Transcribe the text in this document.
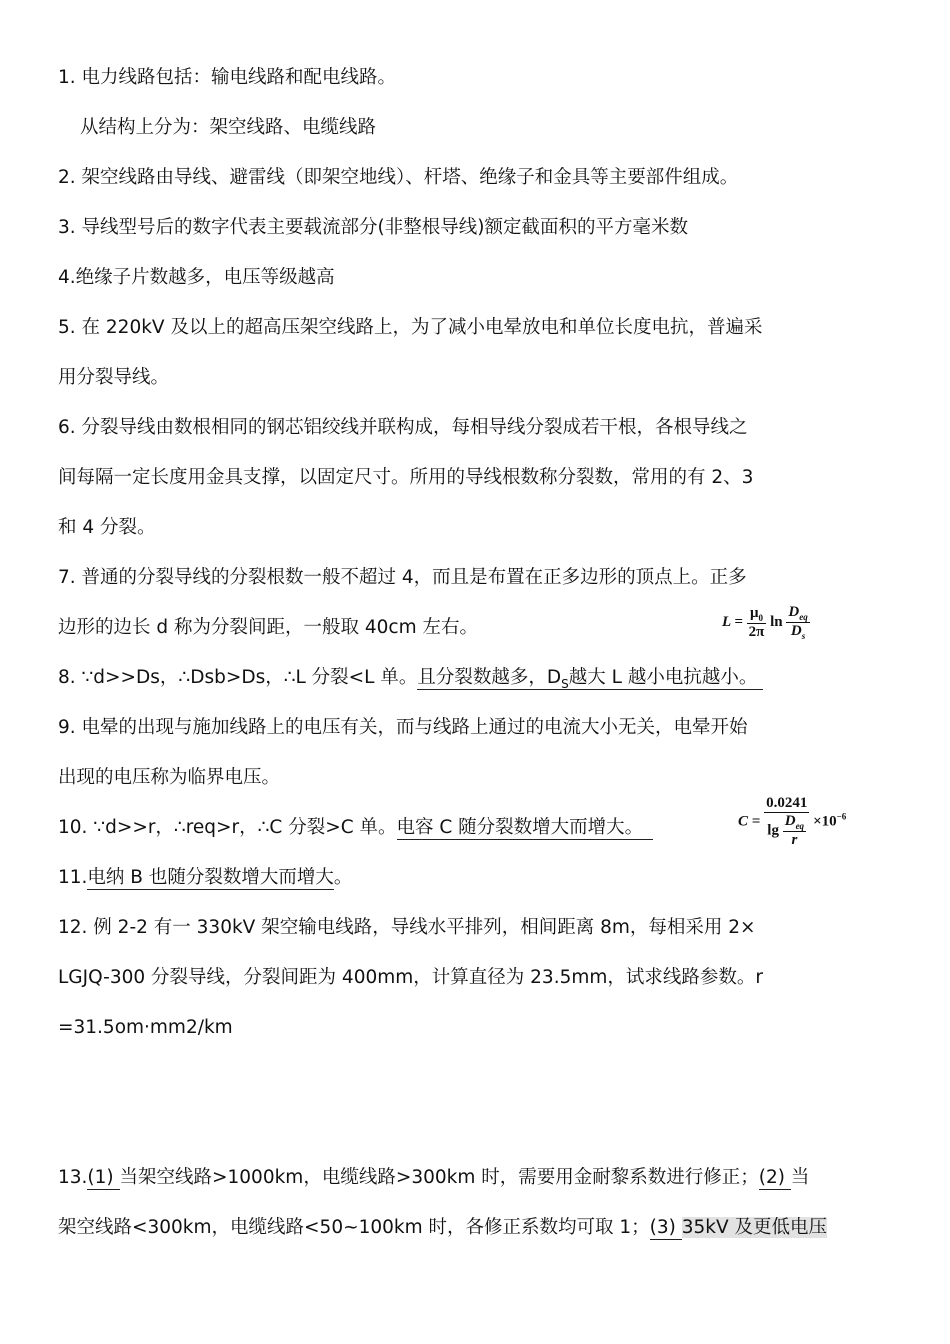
1. 电力线路包括：输电线路和配电线路。
从结构上分为：架空线路、电缆线路
2. 架空线路由导线、避雷线（即架空地线）、杆塔、绝缘子和金具等主要部件组成。
3. 导线型号后的数字代表主要载流部分(非整根导线)额定截面积的平方毫米数
4.绝缘子片数越多，电压等级越高
5. 在 220kV 及以上的超高压架空线路上，为了减小电晕放电和单位长度电抗，普遍采
用分裂导线。
6. 分裂导线由数根相同的钢芯铝绞线并联构成，每相导线分裂成若干根，各根导线之
间每隔一定长度用金具支撑，以固定尺寸。所用的导线根数称分裂数，常用的有 2、3
和 4 分裂。
7. 普通的分裂导线的分裂根数一般不超过 4，而且是布置在正多边形的顶点上。正多
边形的边长 d 称为分裂间距，一般取 40cm 左右。	$L = \frac{\mu_0}{2\pi}$ $\ln \frac{D_{eq}}{D_s}$
8. ∵d>>Ds，∴Dsb>Ds，∴L 分裂<L 单。且分裂数越多，$D_S$越大 L 越小电抗越小。
9. 电晕的出现与施加线路上的电压有关，而与线路上通过的电流大小无关，电晕开始
出现的电压称为临界电压。
10. ∵d>>r，∴req>r，∴C 分裂>C 单。电容 C 随分裂数增大而增大。	$C = \frac{0.0241}{\lg \frac{D_{eq}}{r}} \times 10^{-6}$
11.电纳 B 也随分裂数增大而增大。
12. 例 2-2 有一 330kV 架空输电线路，导线水平排列，相间距离 8m，每相采用 2×
LGJQ-300 分裂导线，分裂间距为 400mm，计算直径为 23.5mm，试求线路参数。r
=31.5om·mm2/km
13.(1) 当架空线路>1000km，电缆线路>300km 时，需要用金耐黎系数进行修正；(2) 当
架空线路<300km，电缆线路<50~100km 时，各修正系数均可取 1；(3) 35kV 及更低电压
